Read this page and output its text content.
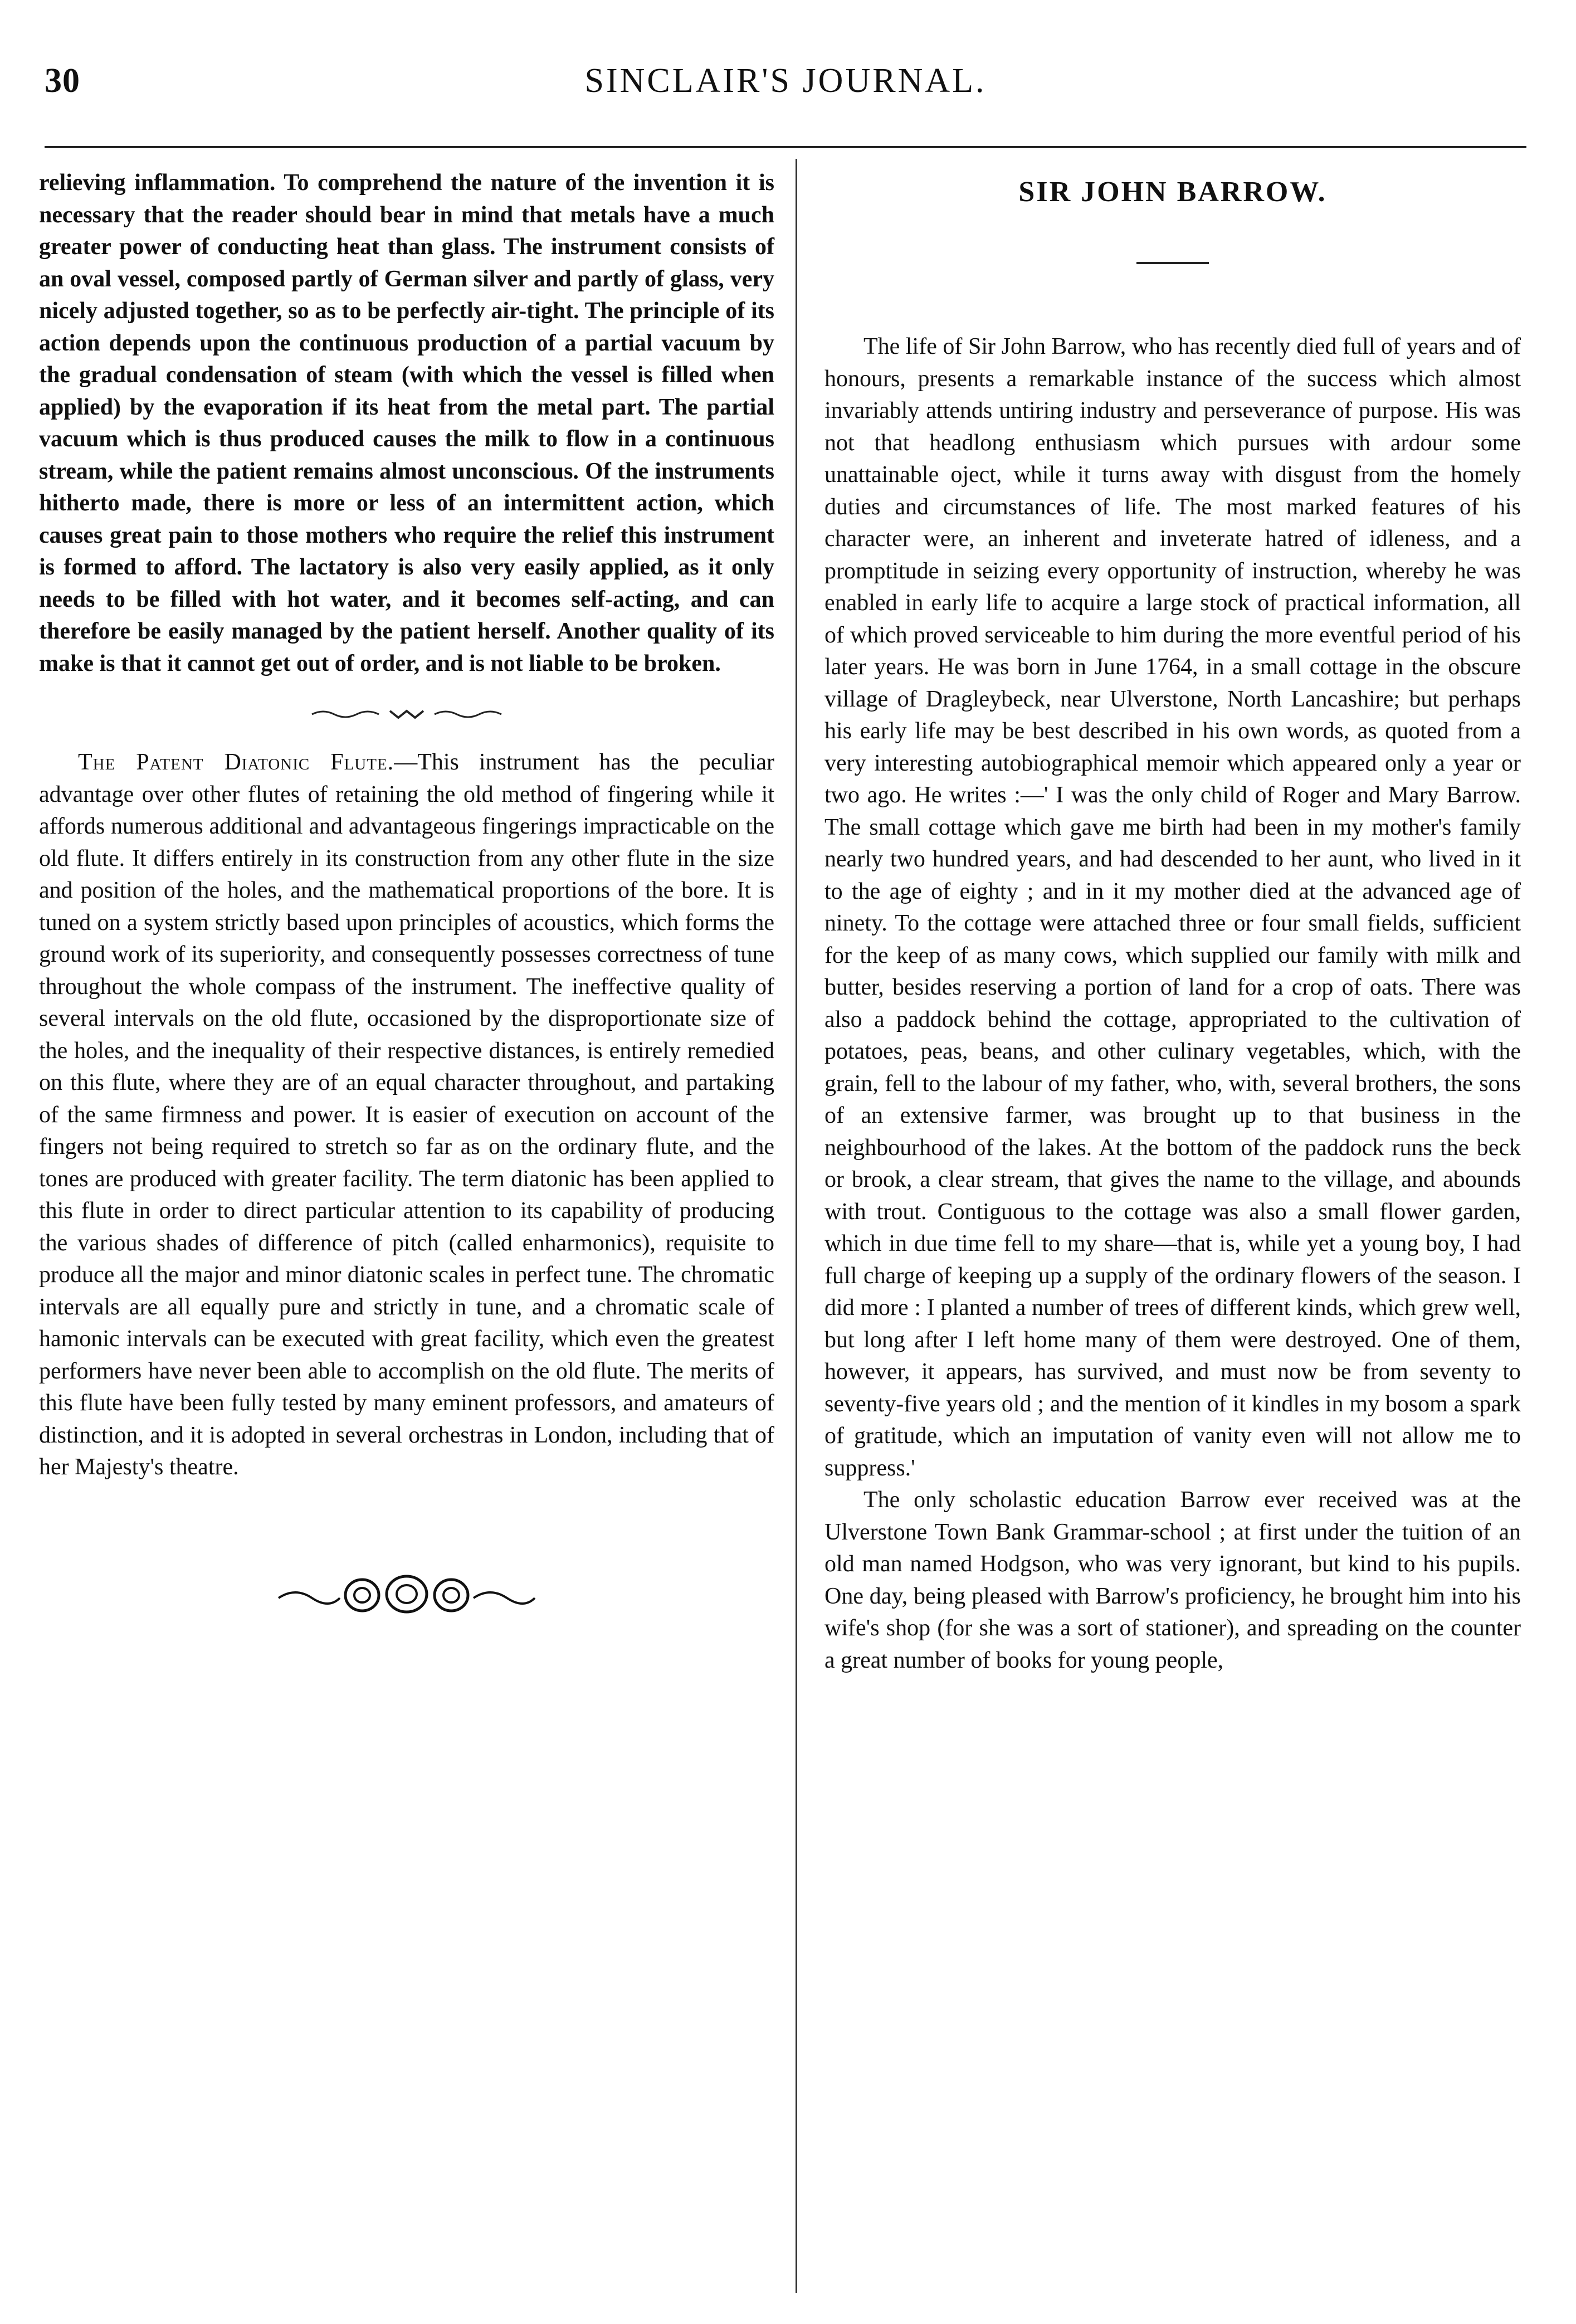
30	SINCLAIR'S JOURNAL.

relieving inflammation. To comprehend the nature of the invention it is necessary that the reader should bear in mind that metals have a much greater power of conducting heat than glass. The instrument consists of an oval vessel, composed partly of German silver and partly of glass, very nicely adjusted together, so as to be perfectly air-tight. The principle of its action depends upon the continuous production of a partial vacuum by the gradual condensation of steam (with which the vessel is filled when applied) by the evaporation if its heat from the metal part. The partial vacuum which is thus produced causes the milk to flow in a continuous stream, while the patient remains almost unconscious. Of the instruments hitherto made, there is more or less of an intermittent action, which causes great pain to those mothers who require the relief this instrument is formed to afford. The lactatory is also very easily applied, as it only needs to be filled with hot water, and it becomes self-acting, and can therefore be easily managed by the patient herself. Another quality of its make is that it cannot get out of order, and is not liable to be broken.

The Patent Diatonic Flute.—This instrument has the peculiar advantage over other flutes of retaining the old method of fingering while it affords numerous additional and advantageous fingerings impracticable on the old flute. It differs entirely in its construction from any other flute in the size and position of the holes, and the mathematical proportions of the bore. It is tuned on a system strictly based upon principles of acoustics, which forms the ground work of its superiority, and consequently possesses correctness of tune throughout the whole compass of the instrument. The ineffective quality of several intervals on the old flute, occasioned by the disproportionate size of the holes, and the inequality of their respective distances, is entirely remedied on this flute, where they are of an equal character throughout, and partaking of the same firmness and power. It is easier of execution on account of the fingers not being required to stretch so far as on the ordinary flute, and the tones are produced with greater facility. The term diatonic has been applied to this flute in order to direct particular attention to its capability of producing the various shades of difference of pitch (called enharmonics), requisite to produce all the major and minor diatonic scales in perfect tune. The chromatic intervals are all equally pure and strictly in tune, and a chromatic scale of hamonic intervals can be executed with great facility, which even the greatest performers have never been able to accomplish on the old flute. The merits of this flute have been fully tested by many eminent professors, and amateurs of distinction, and it is adopted in several orchestras in London, including that of her Majesty's theatre.

SIR JOHN BARROW.

The life of Sir John Barrow, who has recently died full of years and of honours, presents a remarkable instance of the success which almost invariably attends untiring industry and perseverance of purpose. His was not that headlong enthusiasm which pursues with ardour some unattainable oject, while it turns away with disgust from the homely duties and circumstances of life. The most marked features of his character were, an inherent and inveterate hatred of idleness, and a promptitude in seizing every opportunity of instruction, whereby he was enabled in early life to acquire a large stock of practical information, all of which proved serviceable to him during the more eventful period of his later years. He was born in June 1764, in a small cottage in the obscure village of Dragleybeck, near Ulverstone, North Lancashire; but perhaps his early life may be best described in his own words, as quoted from a very interesting autobiographical memoir which appeared only a year or two ago. He writes :—' I was the only child of Roger and Mary Barrow. The small cottage which gave me birth had been in my mother's family nearly two hundred years, and had descended to her aunt, who lived in it to the age of eighty ; and in it my mother died at the advanced age of ninety. To the cottage were attached three or four small fields, sufficient for the keep of as many cows, which supplied our family with milk and butter, besides reserving a portion of land for a crop of oats. There was also a paddock behind the cottage, appropriated to the cultivation of potatoes, peas, beans, and other culinary vegetables, which, with the grain, fell to the labour of my father, who, with, several brothers, the sons of an extensive farmer, was brought up to that business in the neighbourhood of the lakes. At the bottom of the paddock runs the beck or brook, a clear stream, that gives the name to the village, and abounds with trout. Contiguous to the cottage was also a small flower garden, which in due time fell to my share—that is, while yet a young boy, I had full charge of keeping up a supply of the ordinary flowers of the season. I did more : I planted a number of trees of different kinds, which grew well, but long after I left home many of them were destroyed. One of them, however, it appears, has survived, and must now be from seventy to seventy-five years old ; and the mention of it kindles in my bosom a spark of gratitude, which an imputation of vanity even will not allow me to suppress.'

The only scholastic education Barrow ever received was at the Ulverstone Town Bank Grammar-school ; at first under the tuition of an old man named Hodgson, who was very ignorant, but kind to his pupils. One day, being pleased with Barrow's proficiency, he brought him into his wife's shop (for she was a sort of stationer), and spreading on the counter a great number of books for young people,
